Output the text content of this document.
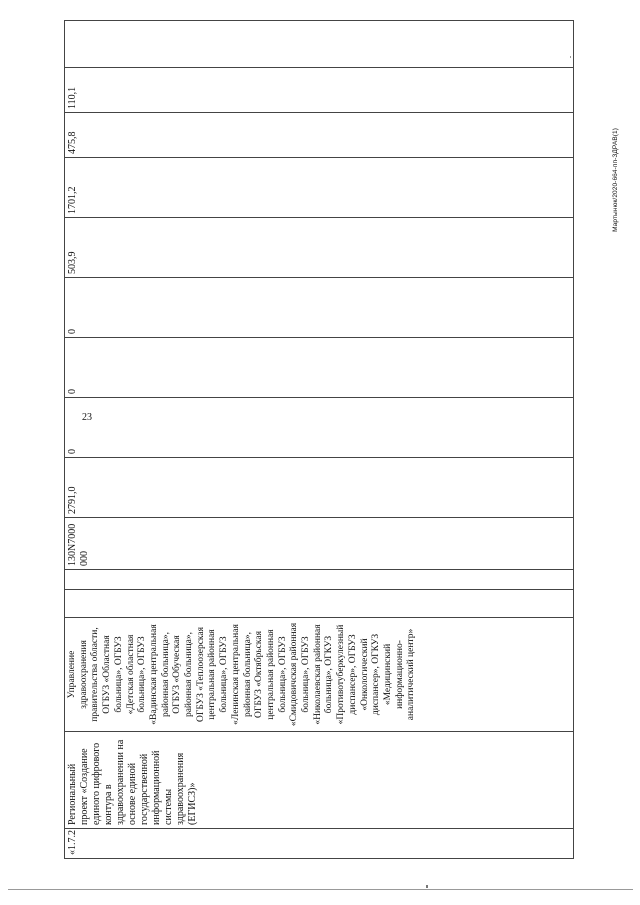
23
Мартынюк/2020-664-пп-ЗДРАВ(1)
«1.7.2	Региональный проект «Создание единого цифрового контура в здравоохранении на основе единой государственной информационной системы здравоохранения (ЕГИСЗ)»	Управление здравоохранения правительства области, ОГБУЗ «Областная больница», ОГБУЗ «Детская областная больница», ОГБУЗ «Вадинская центральная районная больница», ОГБУЗ «Обуческая районная больница», ОГБУЗ «Теплоозерская центральная районная больница», ОГБУЗ «Ленинская центральная районная больница», ОГБУЗ «Октябрьская центральная районная больница», ОГБУЗ «Смидовичская районная больница», ОГБУЗ «Николаевская районная больница», ОГКУЗ «Противотуберкулезный диспансер», ОГБУЗ «Онкологический диспансер», ОГКУЗ «Медицинский информационно-аналитический центр»			130N7000000	2791,0	0	0	0	503,9	1701,2	475,8	110,1	
